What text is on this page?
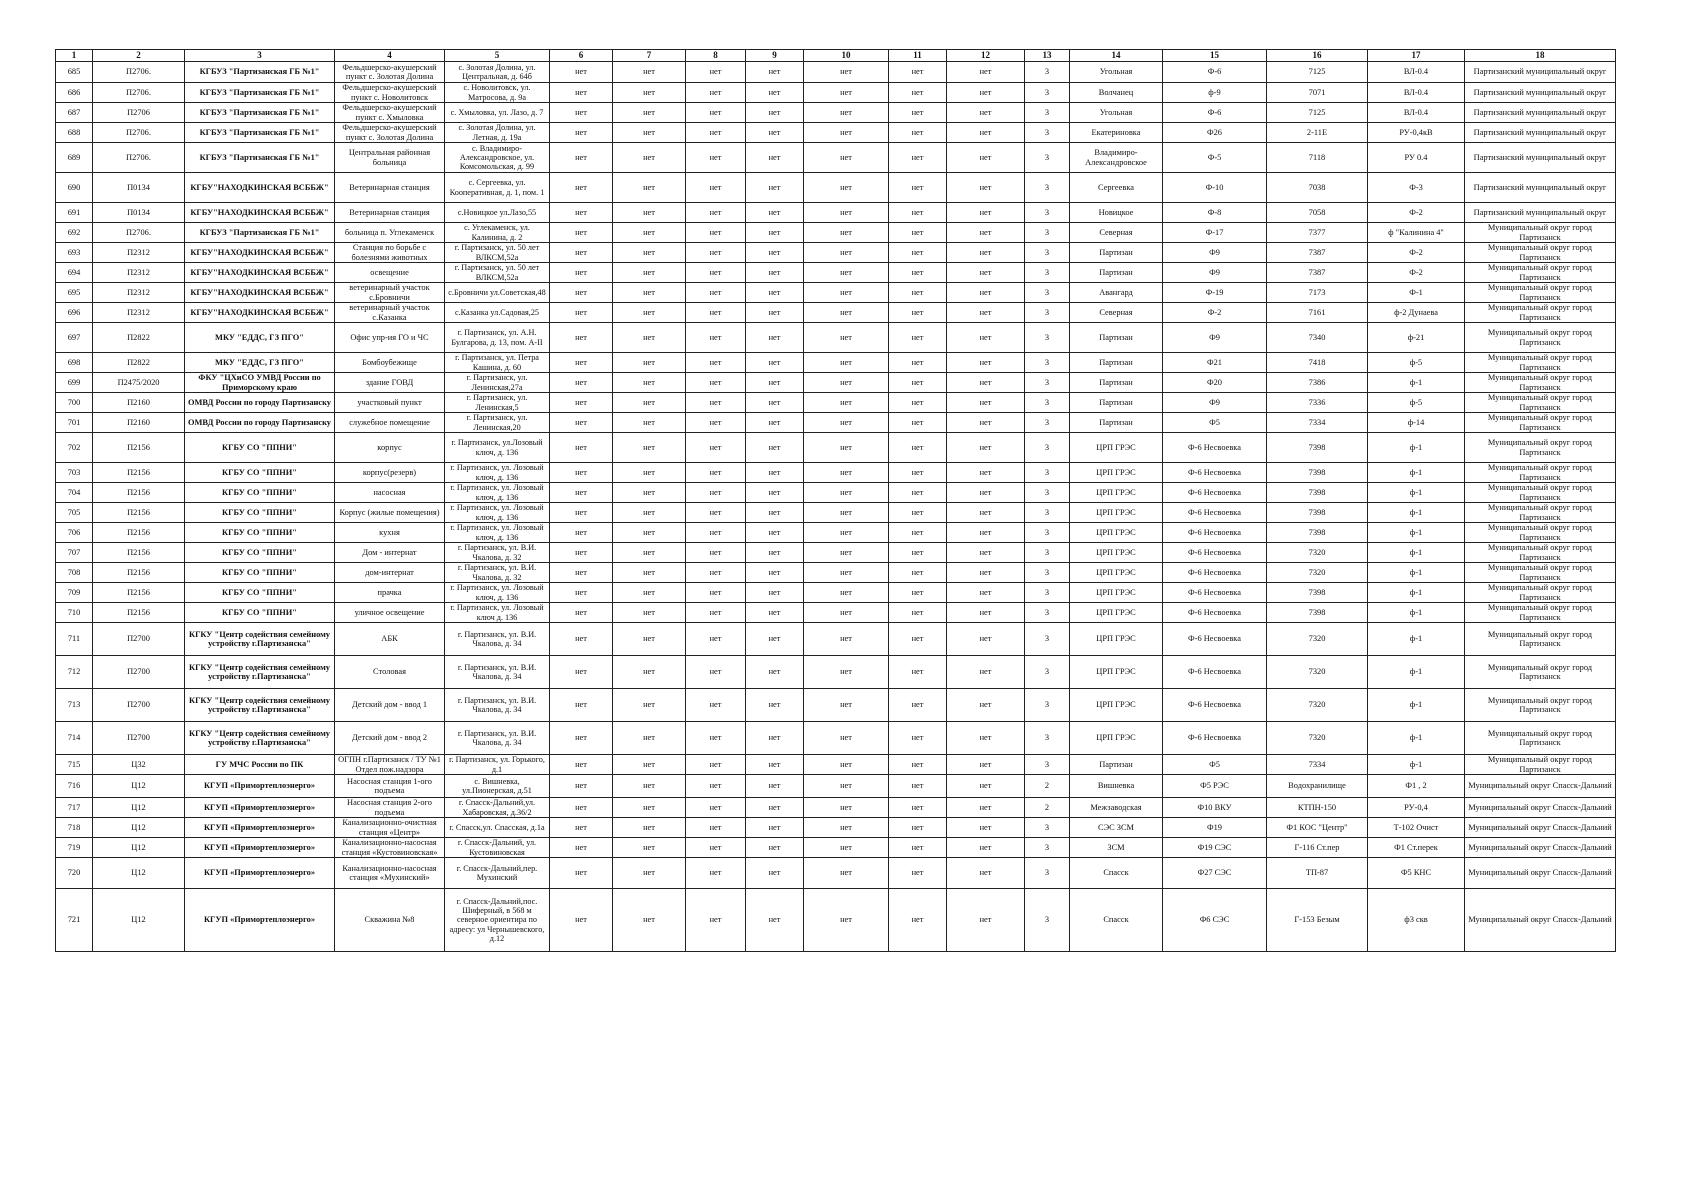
1	2	3	4	5	6	7	8	9	10	11	12	13	14	15	16	17	18
685	П2706.	КГБУЗ "Партизанская ГБ №1"	Фельдшерско-акушерский пункт с. Золотая Долина	с. Золотая Долина, ул. Центральная, д. 64б	нет	нет	нет	нет	нет	нет	нет	3	Угольная	Ф-6	7125	ВЛ-0.4	Партизанский муниципальный округ
686	П2706.	КГБУЗ "Партизанская ГБ №1"	Фельдшерско-акушерский пункт с. Новолитовск	с. Новолитовск, ул. Матросова, д. 9а	нет	нет	нет	нет	нет	нет	нет	3	Волчанец	ф-9	7071	ВЛ-0.4	Партизанский муниципальный округ
687	П2706	КГБУЗ "Партизанская ГБ №1"	Фельдшерско-акушерский пункт с. Хмыловка	с. Хмыловка, ул. Лазо, д. 7	нет	нет	нет	нет	нет	нет	нет	3	Угольная	Ф-6	7125	ВЛ-0.4	Партизанский муниципальный округ
688	П2706.	КГБУЗ "Партизанская ГБ №1"	Фельдшерско-акушерский пункт с. Золотая Долина	с. Золотая Долина, ул. Летная, д. 19а	нет	нет	нет	нет	нет	нет	нет	3	Екатериновка	Ф26	2-11Е	РУ-0,4кВ	Партизанский муниципальный округ
689	П2706.	КГБУЗ "Партизанская ГБ №1"	Центральная районная больница	с. Владимиро-Александровское, ул. Комсомольская, д. 99	нет	нет	нет	нет	нет	нет	нет	3	Владимиро-Александровское	Ф-5	7118	РУ 0.4	Партизанский муниципальный округ
690	П0134	КГБУ"НАХОДКИНСКАЯ ВСББЖ"	Ветеринарная станция	с. Сергеевка, ул. Кооперативная, д. 1, пом. 1	нет	нет	нет	нет	нет	нет	нет	3	Сергеевка	Ф-10	7038	Ф-3	Партизанский муниципальный округ
691	П0134	КГБУ"НАХОДКИНСКАЯ ВСББЖ"	Ветеринарная станция	с.Новицкое ул.Лазо,55	нет	нет	нет	нет	нет	нет	нет	3	Новицкое	Ф-8	7058	Ф-2	Партизанский муниципальный округ
692	П2706.	КГБУЗ "Партизанская ГБ №1"	больница п. Углекаменск	с. Углекаменск, ул. Калинина, д. 2	нет	нет	нет	нет	нет	нет	нет	3	Северная	Ф-17	7377	ф "Калинина 4"	Муниципальный округ город Партизанск
693	П2312	КГБУ"НАХОДКИНСКАЯ ВСББЖ"	Станция по борьбе с болезнями животных	г. Партизанск, ул. 50 лет ВЛКСМ,52а	нет	нет	нет	нет	нет	нет	нет	3	Партизан	Ф9	7387	Ф-2	Муниципальный округ город Партизанск
694	П2312	КГБУ"НАХОДКИНСКАЯ ВСББЖ"	освещение	г. Партизанск, ул. 50 лет ВЛКСМ,52а	нет	нет	нет	нет	нет	нет	нет	3	Партизан	Ф9	7387	Ф-2	Муниципальный округ город Партизанск
695	П2312	КГБУ"НАХОДКИНСКАЯ ВСББЖ"	ветеринарный участок с.Бровничи	с.Бровничи ул.Советская,48	нет	нет	нет	нет	нет	нет	нет	3	Авангард	Ф-19	7173	Ф-1	Муниципальный округ город Партизанск
696	П2312	КГБУ"НАХОДКИНСКАЯ ВСББЖ"	ветеринарный участок с.Казанка	с.Казанка ул.Садовая,25	нет	нет	нет	нет	нет	нет	нет	3	Северная	Ф-2	7161	ф-2 Дунаева	Муниципальный округ город Партизанск
697	П2822	МКУ "ЕДДС, ГЗ ПГО"	Офис упр-ия ГО и ЧС	г. Партизанск, ул. А.Н. Булгарова, д. 13, пом. А-II	нет	нет	нет	нет	нет	нет	нет	3	Партизан	Ф9	7340	ф-21	Муниципальный округ город Партизанск
698	П2822	МКУ "ЕДДС, ГЗ ПГО"	Бомбоубежище	г. Партизанск, ул. Петра Кашина, д. 60	нет	нет	нет	нет	нет	нет	нет	3	Партизан	Ф21	7418	ф-5	Муниципальный округ город Партизанск
699	П2475/2020	ФКУ "ЦХиСО УМВД России по Приморскому краю	здание ГОВД	г. Партизанск, ул. Ленинская,27а	нет	нет	нет	нет	нет	нет	нет	3	Партизан	Ф20	7386	ф-1	Муниципальный округ город Партизанск
700	П2160	ОМВД России по городу Партизанску	участковый пункт	г. Партизанск, ул. Ленинская,5	нет	нет	нет	нет	нет	нет	нет	3	Партизан	Ф9	7336	ф-5	Муниципальный округ город Партизанск
701	П2160	ОМВД России по городу Партизанску	служебное помещение	г. Партизанск, ул. Ленинская,20	нет	нет	нет	нет	нет	нет	нет	3	Партизан	Ф5	7334	ф-14	Муниципальный округ город Партизанск
702	П2156	КГБУ СО "ППНИ"	корпус	г. Партизанск, ул.Лозовый ключ, д. 136	нет	нет	нет	нет	нет	нет	нет	3	ЦРП ГРЭС	Ф-6 Несвоевка	7398	ф-1	Муниципальный округ город Партизанск
703	П2156	КГБУ СО "ППНИ"	корпус(резерв)	г. Партизанск, ул. Лозовый ключ, д. 136	нет	нет	нет	нет	нет	нет	нет	3	ЦРП ГРЭС	Ф-6 Несвоевка	7398	ф-1	Муниципальный округ город Партизанск
704	П2156	КГБУ СО "ППНИ"	насосная	г. Партизанск, ул. Лозовый ключ, д. 136	нет	нет	нет	нет	нет	нет	нет	3	ЦРП ГРЭС	Ф-6 Несвоевка	7398	ф-1	Муниципальный округ город Партизанск
705	П2156	КГБУ СО "ППНИ"	Корпус (жилые помещения)	г. Партизанск, ул. Лозовый ключ, д. 136	нет	нет	нет	нет	нет	нет	нет	3	ЦРП ГРЭС	Ф-6 Несвоевка	7398	ф-1	Муниципальный округ город Партизанск
706	П2156	КГБУ СО "ППНИ"	кухня	г. Партизанск, ул. Лозовый ключ, д. 136	нет	нет	нет	нет	нет	нет	нет	3	ЦРП ГРЭС	Ф-6 Несвоевка	7398	ф-1	Муниципальный округ город Партизанск
707	П2156	КГБУ СО "ППНИ"	Дом - интернат	г. Партизанск, ул. В.И. Чкалова, д. 32	нет	нет	нет	нет	нет	нет	нет	3	ЦРП ГРЭС	Ф-6 Несвоевка	7320	ф-1	Муниципальный округ город Партизанск
708	П2156	КГБУ СО "ППНИ"	дом-интернат	г. Партизанск, ул. В.И. Чкалова, д. 32	нет	нет	нет	нет	нет	нет	нет	3	ЦРП ГРЭС	Ф-6 Несвоевка	7320	ф-1	Муниципальный округ город Партизанск
709	П2156	КГБУ СО "ППНИ"	прачка	г. Партизанск, ул. Лозовый ключ, д. 136	нет	нет	нет	нет	нет	нет	нет	3	ЦРП ГРЭС	Ф-6 Несвоевка	7398	ф-1	Муниципальный округ город Партизанск
710	П2156	КГБУ СО "ППНИ"	уличное освещение	г. Партизанск, ул. Лозовый ключ д. 136	нет	нет	нет	нет	нет	нет	нет	3	ЦРП ГРЭС	Ф-6 Несвоевка	7398	ф-1	Муниципальный округ город Партизанск
711	П2700	КГКУ "Центр содействия семейному устройству г.Партизанска"	АБК	г. Партизанск, ул. В.И. Чкалова, д. 34	нет	нет	нет	нет	нет	нет	нет	3	ЦРП ГРЭС	Ф-6 Несвоевка	7320	ф-1	Муниципальный округ город Партизанск
712	П2700	КГКУ "Центр содействия семейному устройству г.Партизанска"	Столовая	г. Партизанск, ул. В.И. Чкалова, д. 34	нет	нет	нет	нет	нет	нет	нет	3	ЦРП ГРЭС	Ф-6 Несвоевка	7320	ф-1	Муниципальный округ город Партизанск
713	П2700	КГКУ "Центр содействия семейному устройству г.Партизанска"	Детский дом - ввод 1	г. Партизанск, ул. В.И. Чкалова, д. 34	нет	нет	нет	нет	нет	нет	нет	3	ЦРП ГРЭС	Ф-6 Несвоевка	7320	ф-1	Муниципальный округ город Партизанск
714	П2700	КГКУ "Центр содействия семейному устройству г.Партизанска"	Детский дом - ввод 2	г. Партизанск, ул. В.И. Чкалова, д. 34	нет	нет	нет	нет	нет	нет	нет	3	ЦРП ГРЭС	Ф-6 Несвоевка	7320	ф-1	Муниципальный округ город Партизанск
715	Ц32	ГУ МЧС России по ПК	ОГПН г.Партизанск / ТУ №1 Отдел пож.надзора	г. Партизанск, ул. Горького, д.1	нет	нет	нет	нет	нет	нет	нет	3	Партизан	Ф5	7334	ф-1	Муниципальный округ город Партизанск
716	Ц12	КГУП «Примортеплоэнерго»	Насосная станция 1-ого подъема	с. Вишневка, ул.Пионерская, д.51	нет	нет	нет	нет	нет	нет	нет	2	Вишневка	Ф5 РЭС	Водохранилище	Ф1 , 2	Муниципальный округ Спасск-Дальний
717	Ц12	КГУП «Примортеплоэнерго»	Насосная станция 2-ого подъема	г. Спасск-Дальний,ул. Хабаровская, д.36/2	нет	нет	нет	нет	нет	нет	нет	2	Межзаводская	Ф10 ВКУ	КТПН-150	РУ-0,4	Муниципальный округ Спасск-Дальний
718	Ц12	КГУП «Примортеплоэнерго»	Канализационно-очистная станция «Центр»	г. Спасск,ул. Спасская, д.1а	нет	нет	нет	нет	нет	нет	нет	3	СЭС ЗСМ	Ф19	Ф1 КОС "Центр"	Т-102 Очист	Муниципальный округ Спасск-Дальний
719	Ц12	КГУП «Примортеплоэнерго»	Канализационно-насосная станция «Кустовиновская»	г. Спасск-Дальний, ул. Кустовиновская	нет	нет	нет	нет	нет	нет	нет	3	ЗСМ	Ф19 СЭС	Г-116 Ст.пер	Ф1 Ст.перек	Муниципальный округ Спасск-Дальний
720	Ц12	КГУП «Примортеплоэнерго»	Канализационно-насосная станция «Мухинский»	г. Спасск-Дальний,пер. Мухинский	нет	нет	нет	нет	нет	нет	нет	3	Спасск	Ф27 СЭС	ТП-87	Ф5 КНС	Муниципальный округ Спасск-Дальний
721	Ц12	КГУП «Примортеплоэнерго»	Скважина №8	г. Спасск-Дальний,пос. Шиферный, в 568 м северное ориентира по адресу: ул Чернышевского, д.12	нет	нет	нет	нет	нет	нет	нет	3	Спасск	Ф6 СЭС	Г-153 Безым	ф3 скв	Муниципальный округ Спасск-Дальний
